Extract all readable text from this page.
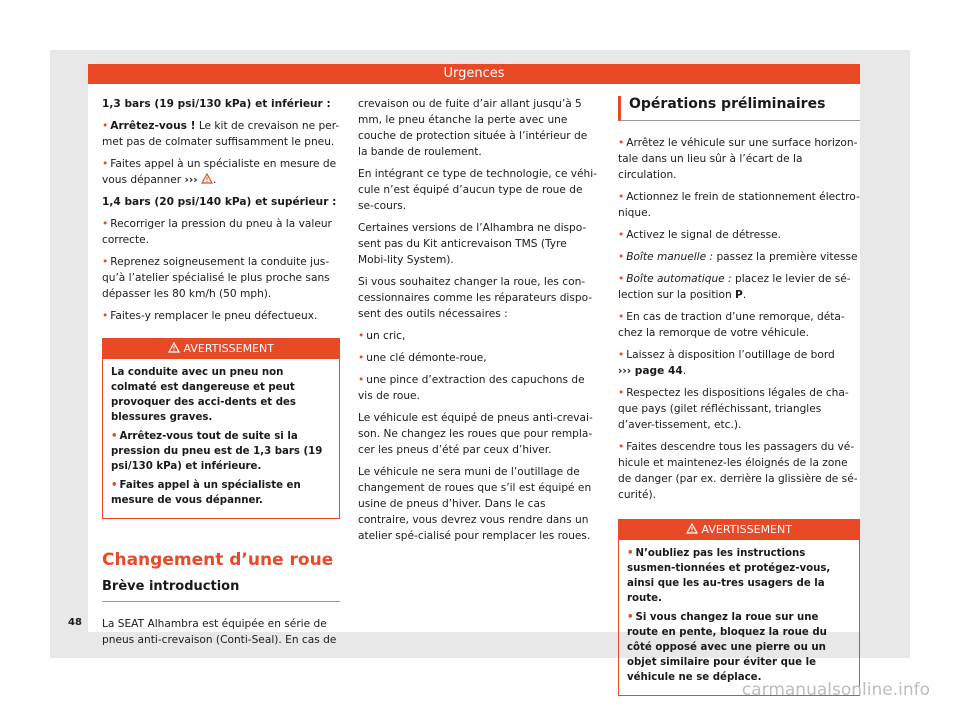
Urgences

1,3 bars (19 psi/130 kPa) et inférieur :

• Arrêtez-vous ! Le kit de crevaison ne per-met pas de colmater suffisamment le pneu.

• Faites appel à un spécialiste en mesure de vous dépanner ››› .

1,4 bars (20 psi/140 kPa) et supérieur :

• Recorriger la pression du pneu à la valeur correcte.

• Reprenez soigneusement la conduite jus-qu’à l’atelier spécialisé le plus proche sans dépasser les 80 km/h (50 mph).

• Faites-y remplacer le pneu défectueux.

AVERTISSEMENT

La conduite avec un pneu non colmaté est dangereuse et peut provoquer des acci-dents et des blessures graves.

• Arrêtez-vous tout de suite si la pression du pneu est de 1,3 bars (19 psi/130 kPa) et inférieure.

• Faites appel à un spécialiste en mesure de vous dépanner.

Changement d’une roue
Brève introduction

La SEAT Alhambra est équipée en série de pneus anti-crevaison (Conti-Seal). En cas de

crevaison ou de fuite d’air allant jusqu’à 5 mm, le pneu étanche la perte avec une couche de protection située à l’intérieur de la bande de roulement.

En intégrant ce type de technologie, ce véhi-cule n’est équipé d’aucun type de roue de se-cours.

Certaines versions de l’Alhambra ne dispo-sent pas du Kit anticrevaison TMS (Tyre Mobi-lity System).

Si vous souhaitez changer la roue, les con-cessionnaires comme les réparateurs dispo-sent des outils nécessaires :

• un cric,

• une clé démonte-roue,

• une pince d’extraction des capuchons de vis de roue.

Le véhicule est équipé de pneus anti-crevai-son. Ne changez les roues que pour rempla-cer les pneus d’été par ceux d’hiver.

Le véhicule ne sera muni de l’outillage de changement de roues que s’il est équipé en usine de pneus d’hiver. Dans le cas contraire, vous devrez vous rendre dans un atelier spé-cialisé pour remplacer les roues.

Opérations préliminaires

• Arrêtez le véhicule sur une surface horizon-tale dans un lieu sûr à l’écart de la circulation.

• Actionnez le frein de stationnement électro-nique.

• Activez le signal de détresse.

• Boîte manuelle : passez la première vitesse

• Boîte automatique : placez le levier de sé-lection sur la position P.

• En cas de traction d’une remorque, déta-chez la remorque de votre véhicule.

• Laissez à disposition l’outillage de bord
››› page 44.

• Respectez les dispositions légales de cha-que pays (gilet réfléchissant, triangles d’aver-tissement, etc.).

• Faites descendre tous les passagers du vé-hicule et maintenez-les éloignés de la zone de danger (par ex. derrière la glissière de sé-curité).

AVERTISSEMENT

• N’oubliez pas les instructions susmen-tionnées et protégez-vous, ainsi que les au-tres usagers de la route.

• Si vous changez la roue sur une route en pente, bloquez la roue du côté opposé avec une pierre ou un objet similaire pour éviter que le véhicule ne se déplace.

48
carmanualsonline.info
